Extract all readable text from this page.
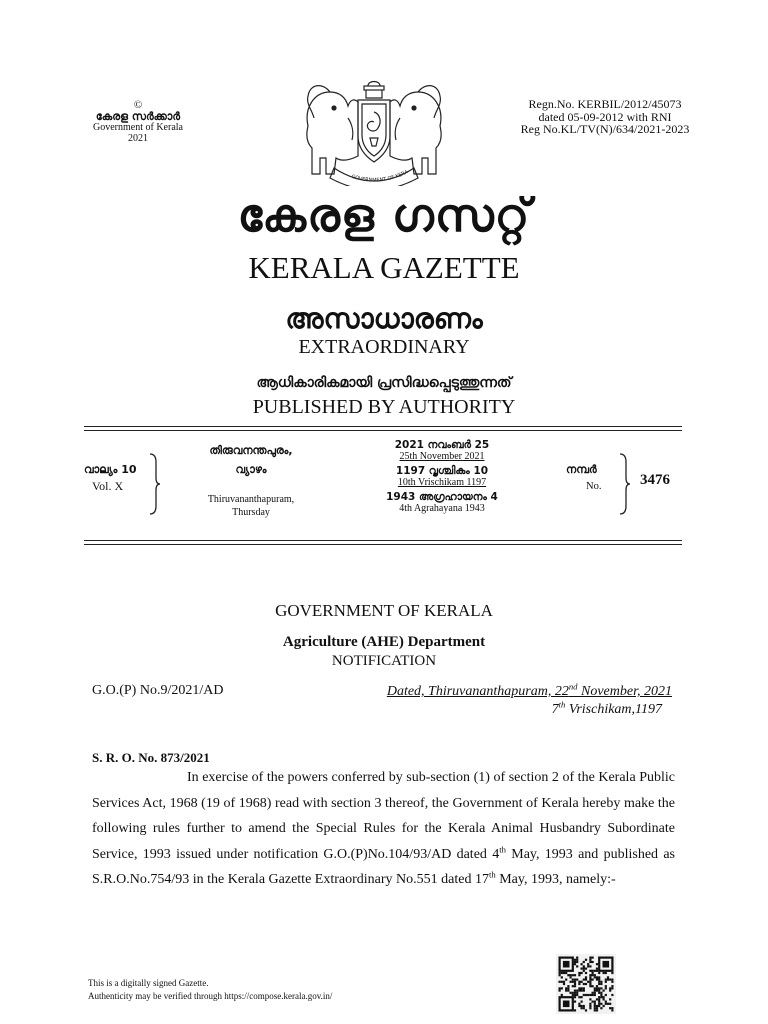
©
കേരള സർക്കാർ
Government of Kerala
2021
GOVERNMENT OF KERA
Regn.No. KERBIL/2012/45073
dated 05-09-2012 with RNI
Reg No.KL/TV(N)/634/2021-2023
കേരള ഗസറ്റ്
KERALA GAZETTE
അസാധാരണം
EXTRAORDINARY
ആധികാരികമായി പ്രസിദ്ധപ്പെടുത്തുന്നത്
PUBLISHED BY AUTHORITY
വാല്യം 10
Vol. X
തിരുവനന്തപുരം,
വ്യാഴം
Thiruvananthapuram,
Thursday
2021 നവംബർ 25
25th November 2021
1197 വൃശ്ചികം 10
10th Vrischikam 1197
1943 അഗ്രഹായനം 4
4th Agrahayana 1943
നമ്പർ
No.	3476
GOVERNMENT OF KERALA
Agriculture (AHE) Department
NOTIFICATION
G.O.(P) No.9/2021/AD	Dated, Thiruvananthapuram, 22nd November, 2021
7th Vrischikam,1197
S. R. O. No. 873/2021
In exercise of the powers conferred by sub-section (1) of section 2 of the Kerala Public Services Act, 1968 (19 of 1968) read with section 3 thereof, the Government of Kerala hereby make the following rules further to amend the Special Rules for the Kerala Animal Husbandry Subordinate Service, 1993 issued under notification G.O.(P)No.104/93/AD dated 4th May, 1993 and published as S.R.O.No.754/93 in the Kerala Gazette Extraordinary No.551 dated 17th May, 1993, namely:-
This is a digitally signed Gazette.
Authenticity may be verified through https://compose.kerala.gov.in/
